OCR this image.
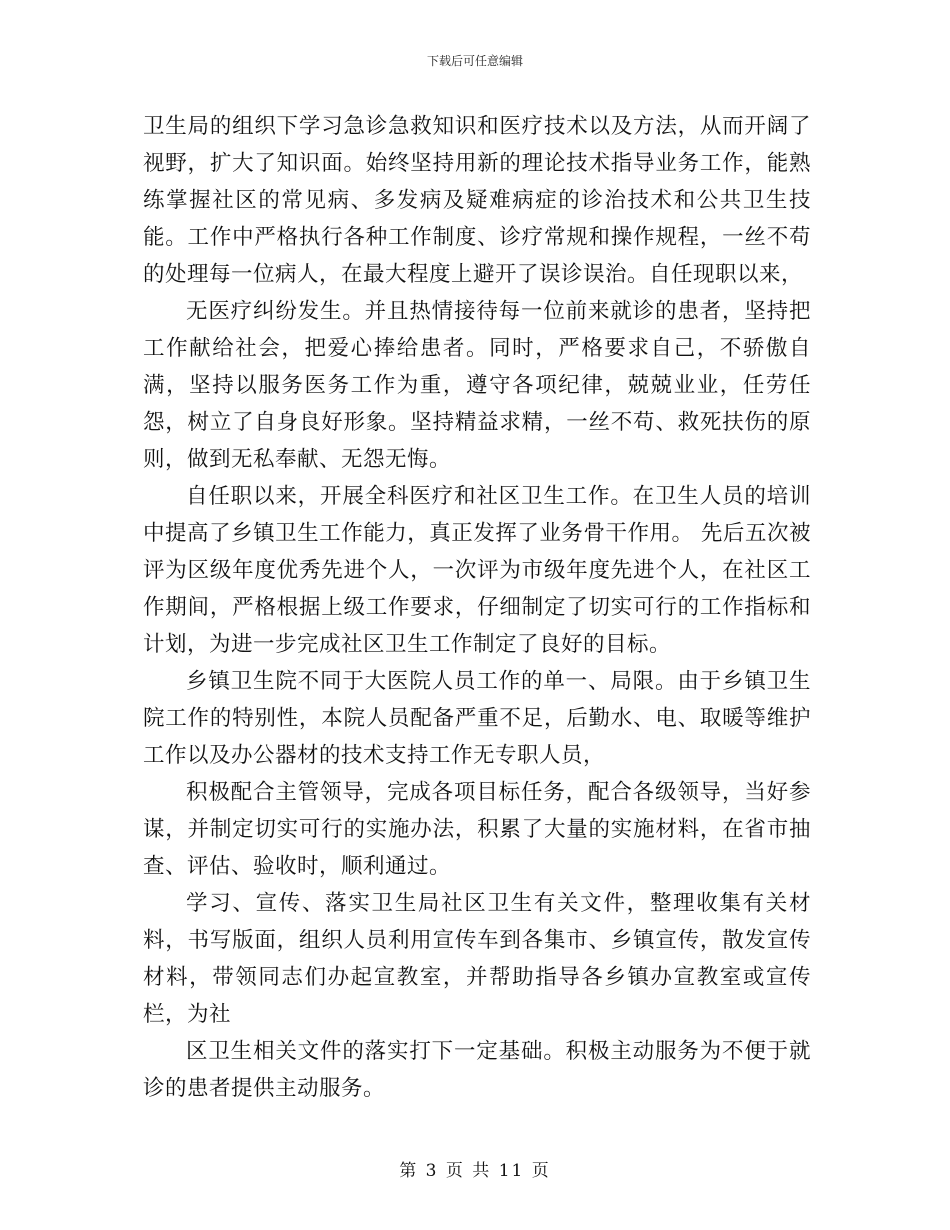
下载后可任意编辑

卫生局的组织下学习急诊急救知识和医疗技术以及方法，从而开阔了视野，扩大了知识面。始终坚持用新的理论技术指导业务工作，能熟练掌握社区的常见病、多发病及疑难病症的诊治技术和公共卫生技能。工作中严格执行各种工作制度、诊疗常规和操作规程，一丝不苟的处理每一位病人，在最大程度上避开了误诊误治。自任现职以来，

无医疗纠纷发生。并且热情接待每一位前来就诊的患者，坚持把工作献给社会，把爱心捧给患者。同时，严格要求自己，不骄傲自满，坚持以服务医务工作为重，遵守各项纪律，兢兢业业，任劳任怨，树立了自身良好形象。坚持精益求精，一丝不苟、救死扶伤的原则，做到无私奉献、无怨无悔。

自任职以来，开展全科医疗和社区卫生工作。在卫生人员的培训中提高了乡镇卫生工作能力，真正发挥了业务骨干作用。 先后五次被评为区级年度优秀先进个人，一次评为市级年度先进个人，在社区工作期间，严格根据上级工作要求，仔细制定了切实可行的工作指标和计划，为进一步完成社区卫生工作制定了良好的目标。

乡镇卫生院不同于大医院人员工作的单一、局限。由于乡镇卫生院工作的特别性，本院人员配备严重不足，后勤水、电、取暖等维护工作以及办公器材的技术支持工作无专职人员，

积极配合主管领导，完成各项目标任务，配合各级领导，当好参谋，并制定切实可行的实施办法，积累了大量的实施材料，在省市抽查、评估、验收时，顺利通过。

学习、宣传、落实卫生局社区卫生有关文件，整理收集有关材料，书写版面，组织人员利用宣传车到各集市、乡镇宣传，散发宣传材料，带领同志们办起宣教室，并帮助指导各乡镇办宣教室或宣传栏，为社

区卫生相关文件的落实打下一定基础。积极主动服务为不便于就诊的患者提供主动服务。

第 3 页 共 11 页
